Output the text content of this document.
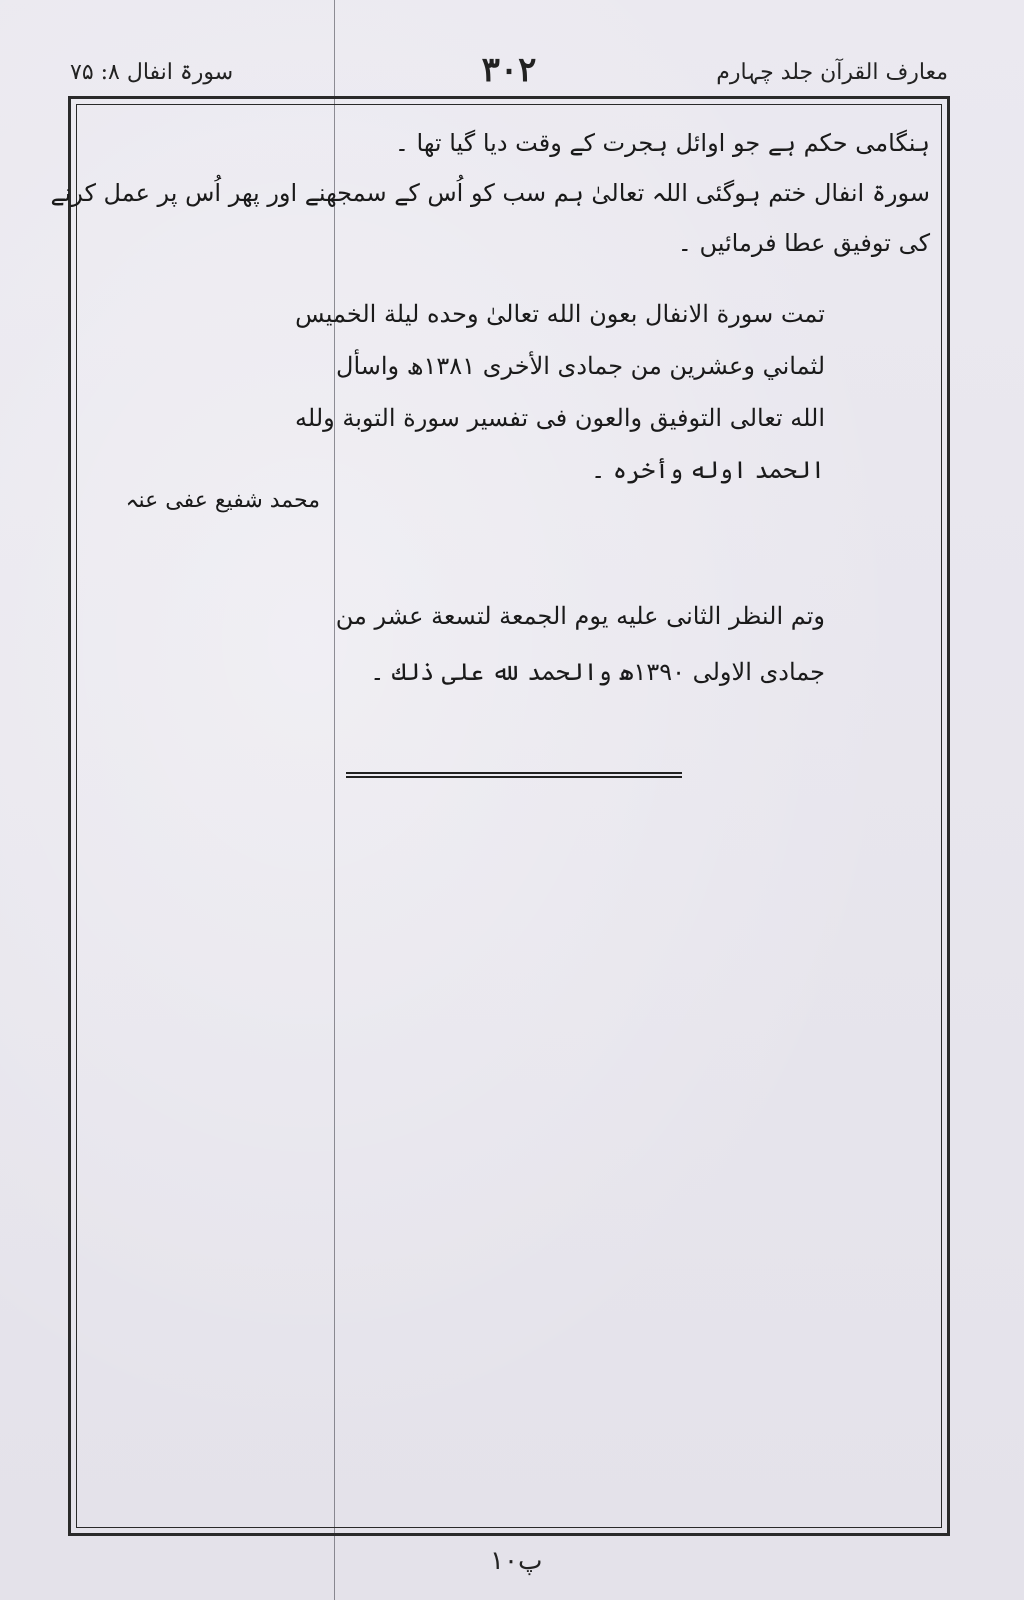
معارف القرآن جلد چہارم
۳۰۲
سورۃ انفال ۸: ۷۵

ہنگامی حکم ہے جو اوائل ہجرت کے وقت دیا گیا تھا ۔
سورۃ انفال ختم ہوگئی اللہ تعالیٰ ہم سب کو اُس کے سمجھنے اور پھر اُس پر عمل کرنے
کی توفیق عطا فرمائیں ۔

تمت سورة الانفال بعون الله تعالیٰ وحده ليلة الخميس
لثماني وعشرين من جمادى الأخرى ۱۳۸۱ھ واسأل
الله تعالى التوفيق والعون فى تفسير سورة التوبة ولله
الحمد اوله وأخره ۔
محمد شفیع عفی عنہ
وتم النظر الثانى عليه يوم الجمعة لتسعة عشر من
جمادى الاولى ۱۳۹۰ھ والحمد لله على ذلك ۔
پ۱۰
